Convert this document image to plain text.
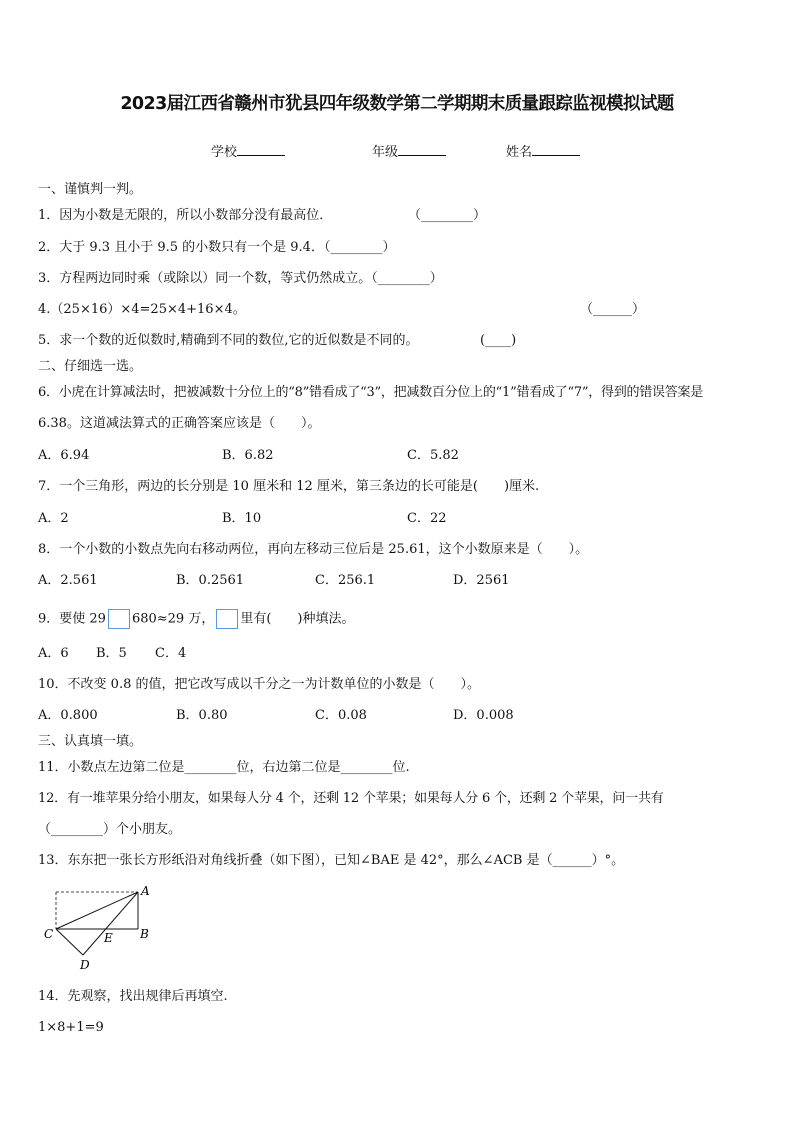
2023届江西省赣州市犹县四年级数学第二学期期末质量跟踪监视模拟试题
学校	年级	姓名
一、谨慎判一判。
1．因为小数是无限的，所以小数部分没有最高位．	（________）
2．大于 9.3 且小于 9.5 的小数只有一个是 9.4．（________）
3．方程两边同时乘（或除以）同一个数，等式仍然成立。（________）
4.（25×16）×4=25×4+16×4。	（______）
5．求一个数的近似数时,精确到不同的数位,它的近似数是不同的。	(____)
二、仔细选一选。
6．小虎在计算减法时，把被减数十分位上的“8”错看成了“3”，把减数百分位上的“1”错看成了“7”，得到的错误答案是
6.38。这道减法算式的正确答案应该是（　　）。
A．6.94	B．6.82	C．5.82
7．一个三角形，两边的长分别是 10 厘米和 12 厘米，第三条边的长可能是(　　)厘米.
A．2	B．10	C．22
8．一个小数的小数点先向右移动两位，再向左移动三位后是 25.61，这个小数原来是（　　）。
A．2.561	B．0.2561	C．256.1	D．2561
9．要使 29 680≈29 万， 里有(　　)种填法。
A．6 B．5 C．4
10．不改变 0.8 的值，把它改写成以千分之一为计数单位的小数是（　　）。
A．0.800	B．0.80	C．0.08	D．0.008
三、认真填一填。
11．小数点左边第二位是________位，右边第二位是________位.
12．有一堆苹果分给小朋友，如果每人分 4 个，还剩 12 个苹果；如果每人分 6 个，还剩 2 个苹果，问一共有
（________）个小朋友。
13．东东把一张长方形纸沿对角线折叠（如下图），已知∠BAE 是 42°，那么∠ACB 是（______）°。
A
B
C
D
E
14．先观察，找出规律后再填空.
1×8+1=9
